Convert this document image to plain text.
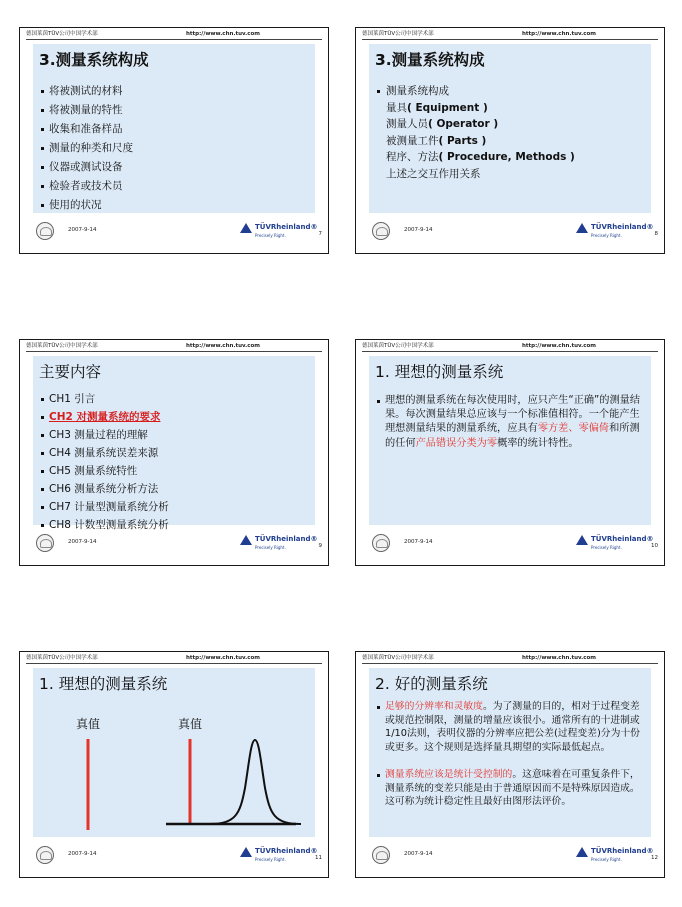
德国莱茵TÜV公司中国学术部	http://www.chn.tuv.com
3.测量系统构成
将被测试的材料
将被测量的特性
收集和准备样品
测量的种类和尺度
仪器或测试设备
检验者或技术员
使用的状况
2007-9-14	TÜVRheinland®
Precisely Right.	7
德国莱茵TÜV公司中国学术部	http://www.chn.tuv.com
3.测量系统构成
测量系统构成
量具( Equipment )
测量人员( Operator )
被测量工件( Parts )
程序、方法( Procedure, Methods )
上述之交互作用关系
2007-9-14	TÜVRheinland®
Precisely Right.	8
德国莱茵TÜV公司中国学术部	http://www.chn.tuv.com
主要内容
CH1 引言
CH2 对测量系统的要求
CH3 测量过程的理解
CH4 测量系统误差来源
CH5 测量系统特性
CH6 测量系统分析方法
CH7 计量型测量系统分析
CH8 计数型测量系统分析
2007-9-14	TÜVRheinland®
Precisely Right.	9
德国莱茵TÜV公司中国学术部	http://www.chn.tuv.com
1. 理想的测量系统

理想的测量系统在每次使用时，应只产生“正确”的测量结果。每次测量结果总应该与一个标准值相符。一个能产生理想测量结果的测量系统，应具有零方差、零偏倚和所测的任何产品错误分类为零概率的统计特性。

2007-9-14	TÜVRheinland®
Precisely Right.	10
德国莱茵TÜV公司中国学术部	http://www.chn.tuv.com
1. 理想的测量系统
真值	真值
2007-9-14	TÜVRheinland®
Precisely Right.	11
德国莱茵TÜV公司中国学术部	http://www.chn.tuv.com
2. 好的测量系统

足够的分辨率和灵敏度。为了测量的目的，相对于过程变差或规范控制限，测量的增量应该很小。通常所有的十进制或1/10法则，表明仪器的分辨率应把公差(过程变差)分为十份或更多。这个规则是选择量具期望的实际最低起点。

测量系统应该是统计受控制的。这意味着在可重复条件下，测量系统的变差只能是由于普通原因而不是特殊原因造成。这可称为统计稳定性且最好由图形法评价。

2007-9-14	TÜVRheinland®
Precisely Right.	12
